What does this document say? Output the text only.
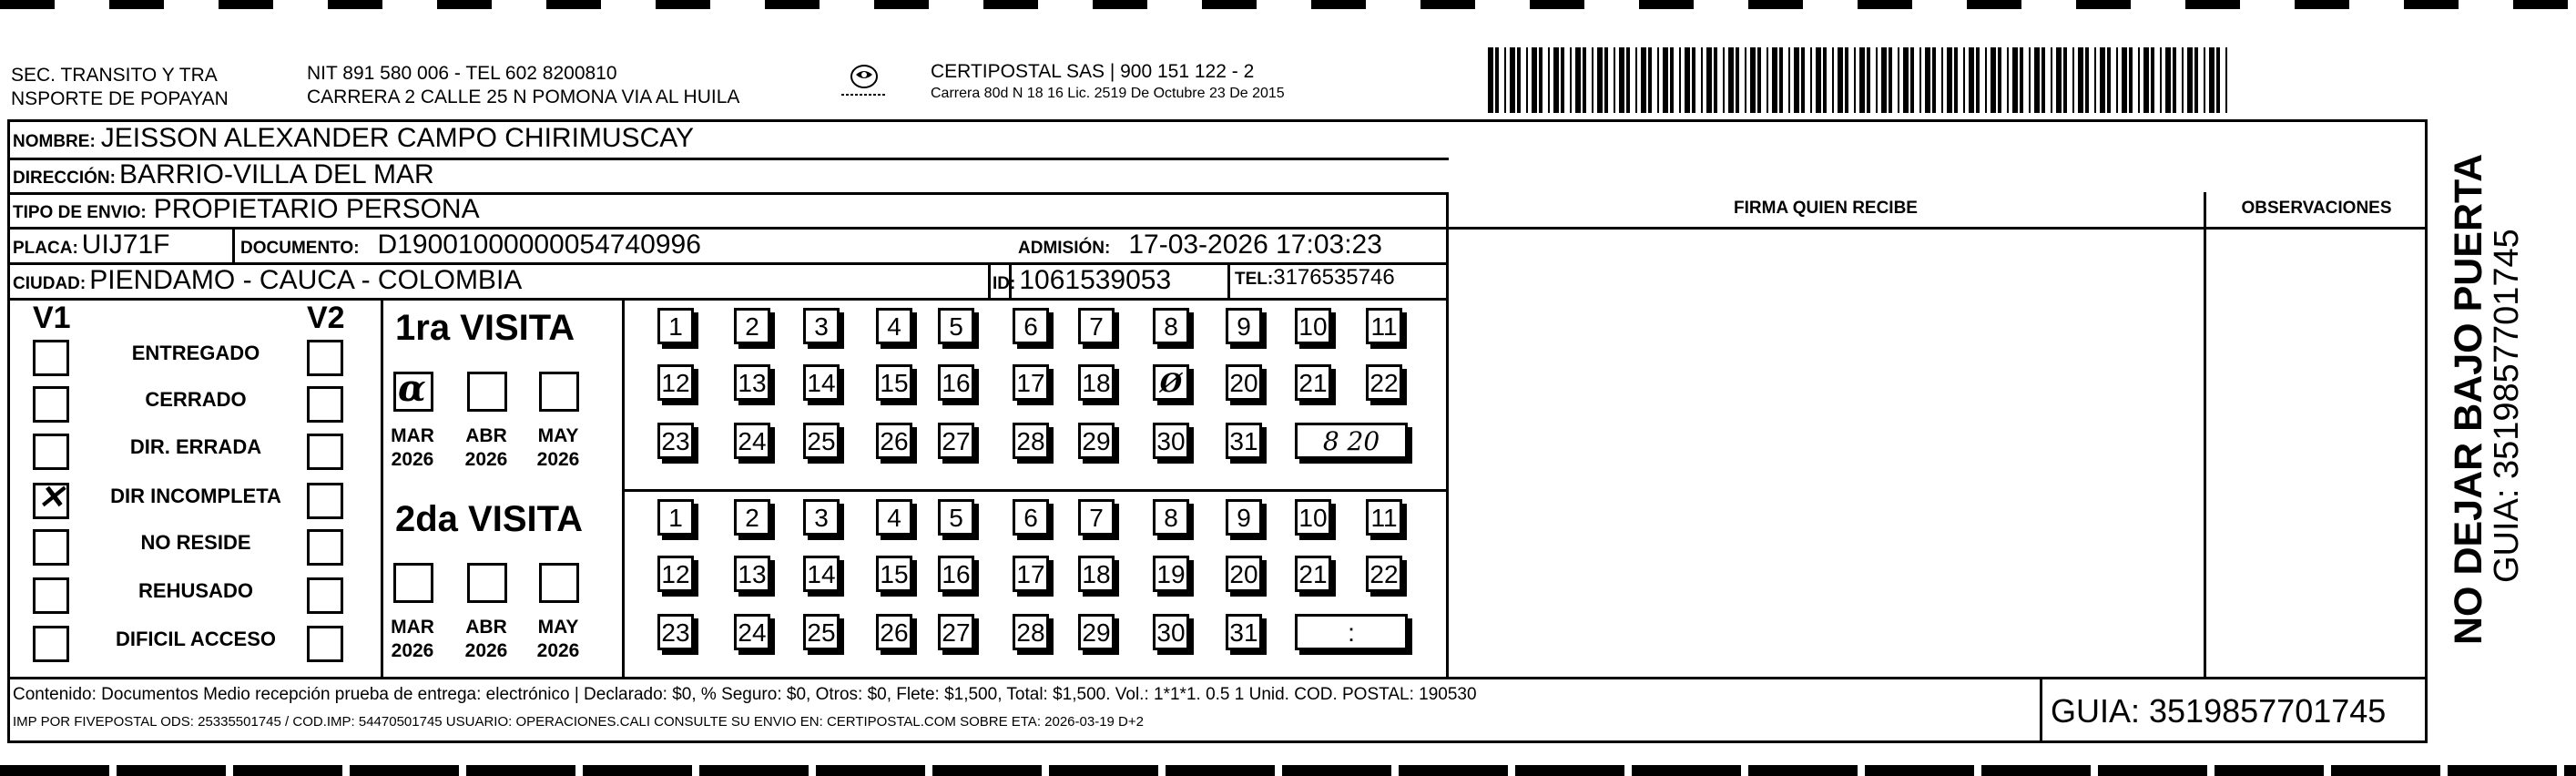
SEC. TRANSITO Y TRA
NSPORTE DE POPAYAN
NIT 891 580 006 - TEL 602 8200810
CARRERA 2 CALLE 25 N POMONA VIA AL HUILA
CERTIPOSTAL SAS | 900 151 122 - 2
Carrera 80d N 18 16 Lic. 2519 De Octubre 23 De 2015
NOMBRE: JEISSON ALEXANDER CAMPO CHIRIMUSCAY
DIRECCIÓN: BARRIO-VILLA DEL MAR
TIPO DE ENVIO: PROPIETARIO PERSONA	FIRMA QUIEN RECIBE	OBSERVACIONES
PLACA: UIJ71F	DOCUMENTO: D19001000000054740996	ADMISIÓN: 17-03-2026 17:03:23
CIUDAD: PIENDAMO - CAUCA - COLOMBIA	ID: 1061539053	TEL: 3176535746
V1	V2
ENTREGADO
CERRADO
DIR. ERRADA
✕	DIR INCOMPLETA
NO RESIDE
REHUSADO
DIFICIL ACCESO
1ra VISITA
α
MAR
2026
ABR
2026
MAY
2026
1	2	3	4	5	6	7	8	9	10 11
12 13 14 15 16 17 18 Ø 20 21 22
23 24 25 26 27 28 29 30 31	8 20
2da VISITA
MAR
2026
ABR
2026
MAY
2026
1	2	3	4	5	6	7	8	9	10 11
12 13 14 15 16 17 18 19 20 21 22
23 24 25 26 27 28 29 30 31	:
Contenido: Documentos Medio recepción prueba de entrega: electrónico | Declarado: $0, % Seguro: $0, Otros: $0, Flete: $1,500, Total: $1,500. Vol.: 1*1*1. 0.5 1 Unid. COD. POSTAL: 190530
IMP POR FIVEPOSTAL ODS: 25335501745 / COD.IMP: 54470501745 USUARIO: OPERACIONES.CALI CONSULTE SU ENVIO EN: CERTIPOSTAL.COM SOBRE ETA: 2026-03-19 D+2	GUIA: 3519857701745
NO DEJAR BAJO PUERTA
GUIA: 3519857701745
